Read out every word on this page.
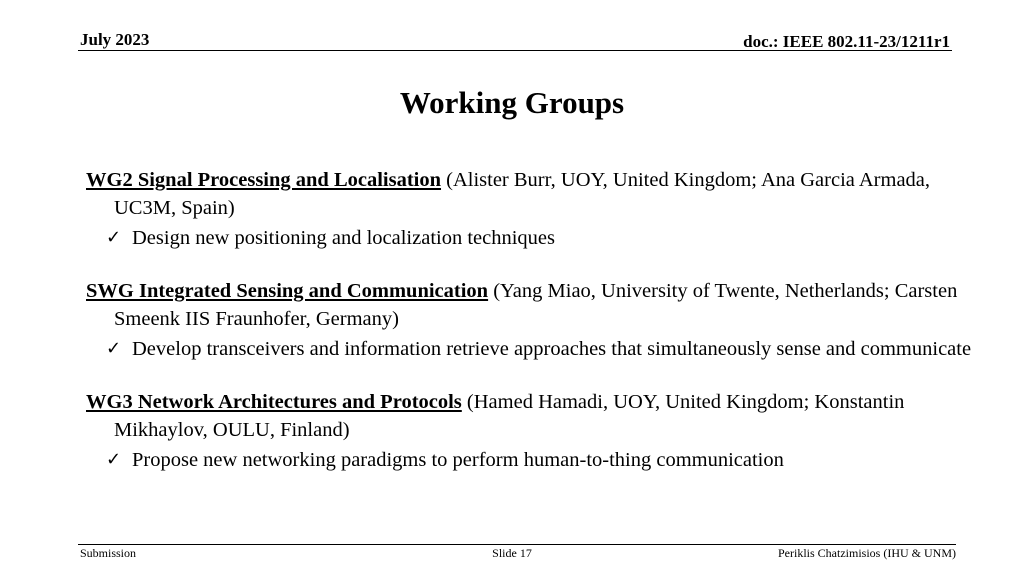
July 2023	doc.: IEEE 802.11-23/1211r1
Working Groups
WG2 Signal Processing and Localisation (Alister Burr, UOY, United Kingdom; Ana Garcia Armada, UC3M, Spain)
✓ Design new positioning and localization techniques
SWG Integrated Sensing and Communication (Yang Miao, University of Twente, Netherlands; Carsten Smeenk IIS Fraunhofer, Germany)
✓ Develop transceivers and information retrieve approaches that simultaneously sense and communicate
WG3 Network Architectures and Protocols (Hamed Hamadi, UOY, United Kingdom; Konstantin Mikhaylov, OULU, Finland)
✓ Propose new networking paradigms to perform human-to-thing communication
Submission	Slide 17	Periklis Chatzimisios (IHU & UNM)
